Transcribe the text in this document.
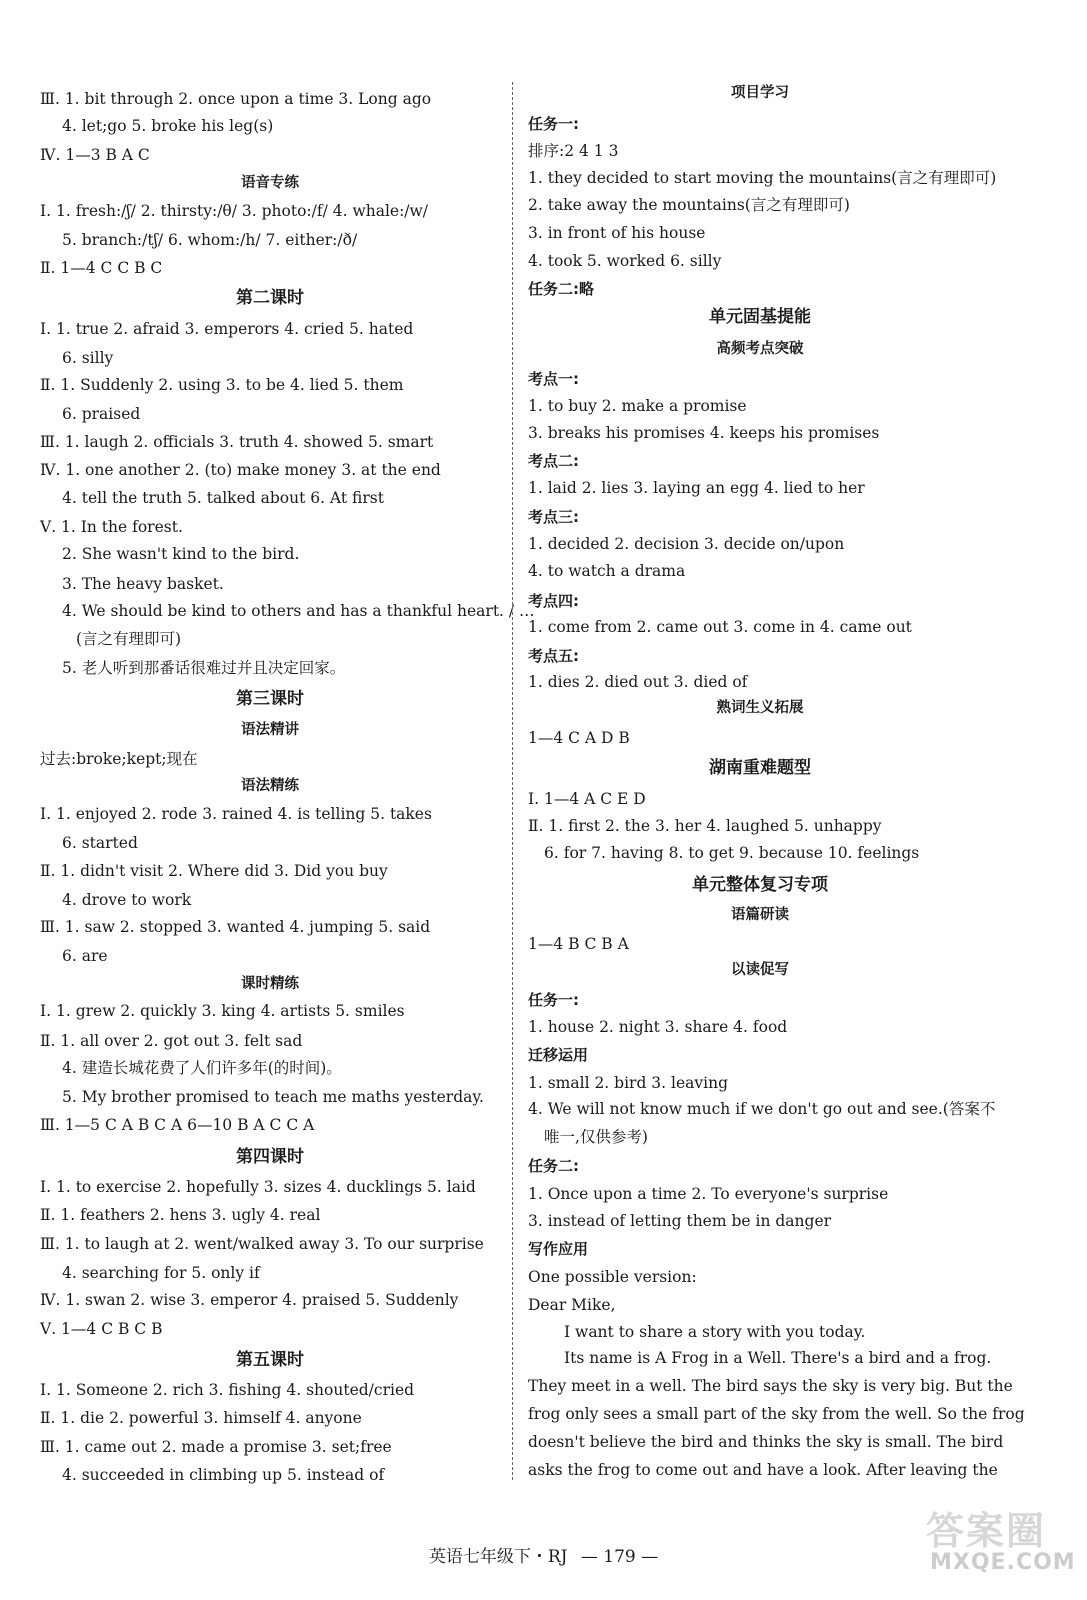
Ⅲ. 1. bit through 2. once upon a time 3. Long ago
4. let;go 5. broke his leg(s)
Ⅳ. 1—3 B A C
语音专练
Ⅰ. 1. fresh:/ʃ/ 2. thirsty:/θ/ 3. photo:/f/ 4. whale:/w/
5. branch:/tʃ/ 6. whom:/h/ 7. either:/ð/
Ⅱ. 1—4 C C B C
第二课时
Ⅰ. 1. true 2. afraid 3. emperors 4. cried 5. hated
6. silly
Ⅱ. 1. Suddenly 2. using 3. to be 4. lied 5. them
6. praised
Ⅲ. 1. laugh 2. officials 3. truth 4. showed 5. smart
Ⅳ. 1. one another 2. (to) make money 3. at the end
4. tell the truth 5. talked about 6. At first
Ⅴ. 1. In the forest.
2. She wasn't kind to the bird.
3. The heavy basket.
4. We should be kind to others and has a thankful heart. / …
(言之有理即可)
5. 老人听到那番话很难过并且决定回家。
第三课时
语法精讲
过去:broke;kept;现在
语法精练
Ⅰ. 1. enjoyed 2. rode 3. rained 4. is telling 5. takes
6. started
Ⅱ. 1. didn't visit 2. Where did 3. Did you buy
4. drove to work
Ⅲ. 1. saw 2. stopped 3. wanted 4. jumping 5. said
6. are
课时精练
Ⅰ. 1. grew 2. quickly 3. king 4. artists 5. smiles
Ⅱ. 1. all over 2. got out 3. felt sad
4. 建造长城花费了人们许多年(的时间)。
5. My brother promised to teach me maths yesterday.
Ⅲ. 1—5 C A B C A 6—10 B A C C A
第四课时
Ⅰ. 1. to exercise 2. hopefully 3. sizes 4. ducklings 5. laid
Ⅱ. 1. feathers 2. hens 3. ugly 4. real
Ⅲ. 1. to laugh at 2. went/walked away 3. To our surprise
4. searching for 5. only if
Ⅳ. 1. swan 2. wise 3. emperor 4. praised 5. Suddenly
Ⅴ. 1—4 C B C B
第五课时
Ⅰ. 1. Someone 2. rich 3. fishing 4. shouted/cried
Ⅱ. 1. die 2. powerful 3. himself 4. anyone
Ⅲ. 1. came out 2. made a promise 3. set;free
4. succeeded in climbing up 5. instead of
项目学习
任务一:
排序:2 4 1 3
1. they decided to start moving the mountains(言之有理即可)
2. take away the mountains(言之有理即可)
3. in front of his house
4. took 5. worked 6. silly
任务二:略
单元固基提能
高频考点突破
考点一:
1. to buy 2. make a promise
3. breaks his promises 4. keeps his promises
考点二:
1. laid 2. lies 3. laying an egg 4. lied to her
考点三:
1. decided 2. decision 3. decide on/upon
4. to watch a drama
考点四:
1. come from 2. came out 3. come in 4. came out
考点五:
1. dies 2. died out 3. died of
熟词生义拓展
1—4 C A D B
湖南重难题型
Ⅰ. 1—4 A C E D
Ⅱ. 1. first 2. the 3. her 4. laughed 5. unhappy
6. for 7. having 8. to get 9. because 10. feelings
单元整体复习专项
语篇研读
1—4 B C B A
以读促写
任务一:
1. house 2. night 3. share 4. food
迁移运用
1. small 2. bird 3. leaving
4. We will not know much if we don't go out and see.(答案不
唯一,仅供参考)
任务二:
1. Once upon a time 2. To everyone's surprise
3. instead of letting them be in danger
写作应用
One possible version:
Dear Mike,
I want to share a story with you today.
Its name is A Frog in a Well. There's a bird and a frog.
They meet in a well. The bird says the sky is very big. But the
frog only sees a small part of the sky from the well. So the frog
doesn't believe the bird and thinks the sky is small. The bird
asks the frog to come out and have a look. After leaving the
英语七年级下・RJ — 179 —
答案圈
MXQE.COM
